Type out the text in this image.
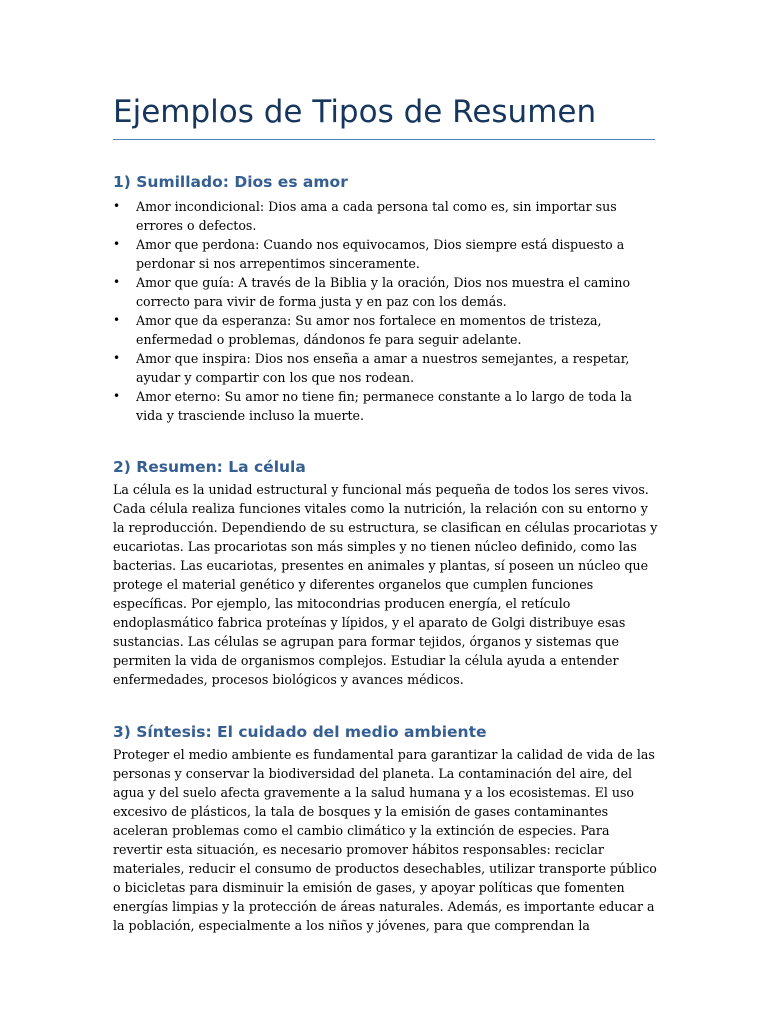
Ejemplos de Tipos de Resumen
1) Sumillado: Dios es amor
•	Amor incondicional: Dios ama a cada persona tal como es, sin importar sus errores o defectos.
•	Amor que perdona: Cuando nos equivocamos, Dios siempre está dispuesto a perdonar si nos arrepentimos sinceramente.
•	Amor que guía: A través de la Biblia y la oración, Dios nos muestra el camino correcto para vivir de forma justa y en paz con los demás.
•	Amor que da esperanza: Su amor nos fortalece en momentos de tristeza, enfermedad o problemas, dándonos fe para seguir adelante.
•	Amor que inspira: Dios nos enseña a amar a nuestros semejantes, a respetar, ayudar y compartir con los que nos rodean.
•	Amor eterno: Su amor no tiene fin; permanece constante a lo largo de toda la vida y trasciende incluso la muerte.
2) Resumen: La célula

La célula es la unidad estructural y funcional más pequeña de todos los seres vivos. Cada célula realiza funciones vitales como la nutrición, la relación con su entorno y la reproducción. Dependiendo de su estructura, se clasifican en células procariotas y eucariotas. Las procariotas son más simples y no tienen núcleo definido, como las bacterias. Las eucariotas, presentes en animales y plantas, sí poseen un núcleo que protege el material genético y diferentes organelos que cumplen funciones específicas. Por ejemplo, las mitocondrias producen energía, el retículo endoplasmático fabrica proteínas y lípidos, y el aparato de Golgi distribuye esas sustancias. Las células se agrupan para formar tejidos, órganos y sistemas que permiten la vida de organismos complejos. Estudiar la célula ayuda a entender enfermedades, procesos biológicos y avances médicos.

3) Síntesis: El cuidado del medio ambiente

Proteger el medio ambiente es fundamental para garantizar la calidad de vida de las personas y conservar la biodiversidad del planeta. La contaminación del aire, del agua y del suelo afecta gravemente a la salud humana y a los ecosistemas. El uso excesivo de plásticos, la tala de bosques y la emisión de gases contaminantes aceleran problemas como el cambio climático y la extinción de especies. Para revertir esta situación, es necesario promover hábitos responsables: reciclar materiales, reducir el consumo de productos desechables, utilizar transporte público o bicicletas para disminuir la emisión de gases, y apoyar políticas que fomenten energías limpias y la protección de áreas naturales. Además, es importante educar a la población, especialmente a los niños y jóvenes, para que comprendan la
